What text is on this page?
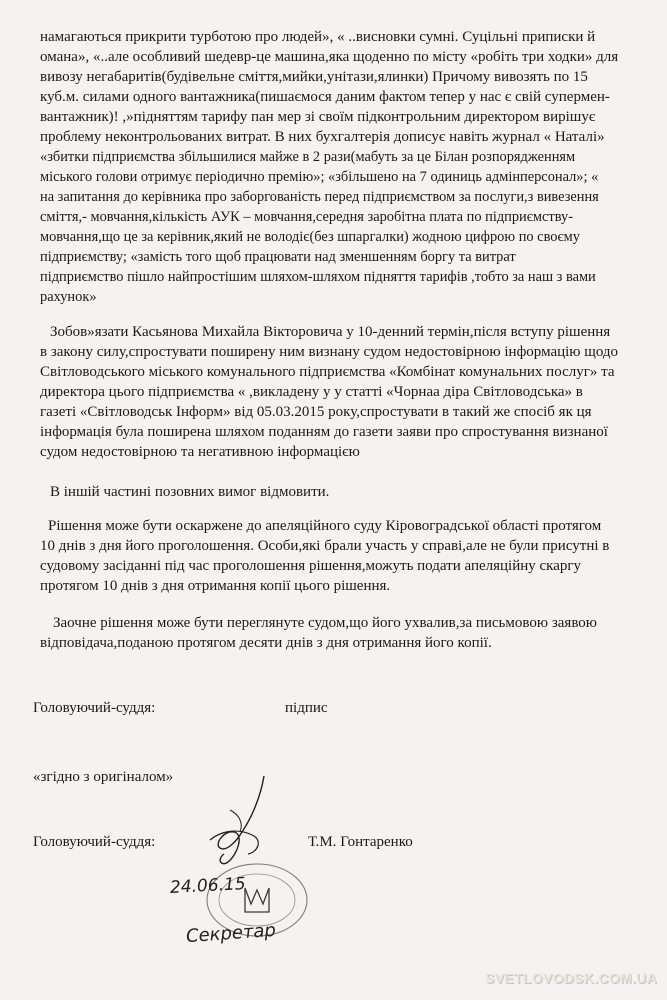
намагаються прикрити турботою про людей», « ..висновки сумні. Суцільні приписки й
омана», «..але особливий шедевр-це машина,яка щоденно по місту «робіть три ходки» для
вивозу негабаритів(будівельне сміття,мийки,унітази,ялинки) Причому вивозять по 15
куб.м. силами одного вантажника(пишаємося даним фактом тепер у нас є свій супермен-
вантажник)! ,»підняттям тарифу пан мер зі своїм підконтрольним директором вирішує
проблему неконтрольованих витрат. В них бухгалтерія дописує навіть журнал « Наталі»
«збитки підприємства збільшилися майже в 2 рази(мабуть за це Білан розпорядженням
міського голови отримує періодично премію»; «збільшено на 7 одиниць адмінперсонал»; «
на запитання до керівника про заборгованість перед підприємством за послуги,з вивезення
сміття,- мовчання,кількість АУК – мовчання,середня заробітна плата по підприємству-
мовчання,що це за керівник,який не володіє(без шпаргалки) жодною цифрою по своєму
підприємству; «замість того щоб працювати над зменшенням боргу та витрат
підприємство пішло найпростішим шляхом-шляхом підняття тарифів ,тобто за наш з вами
рахунок»
Зобов»язати Касьянова Михайла Вікторовича у 10-денний термін,після вступу рішення
в закону силу,спростувати поширену ним визнану судом недостовірною інформацію щодо
Світловодського міського комунального підприємства «Комбінат комунальних послуг» та
директора цього підприємства « ,викладену у у статті «Чорнаа діра Світловодська» в
газеті «Світловодськ Інформ» від 05.03.2015 року,спростувати в такий же спосіб як ця
інформація була поширена шляхом поданням до газети заяви про спростування визнаної
судом недостовірною та негативною інформацією
В іншій частині позовних вимог відмовити.
Рішення може бути оскаржене до апеляційного суду Кіровоградської області протягом
10 днів з дня його проголошення. Особи,які брали участь у справі,але не були присутні в
судовому засіданні під час проголошення рішення,можуть подати апеляційну скаргу
протягом 10 днів з дня отримання копії цього рішення.
Заочне рішення може бути переглянуте судом,що його ухвалив,за письмовою заявою
відповідача,поданою протягом десяти днів з дня отримання його копії.
Головуючий-суддя:	підпис
«згідно з оригіналом»
Головуючий-суддя:	Т.М. Гонтаренко
24.06.15
Секретар
SVETLOVODSK.COM.UA
